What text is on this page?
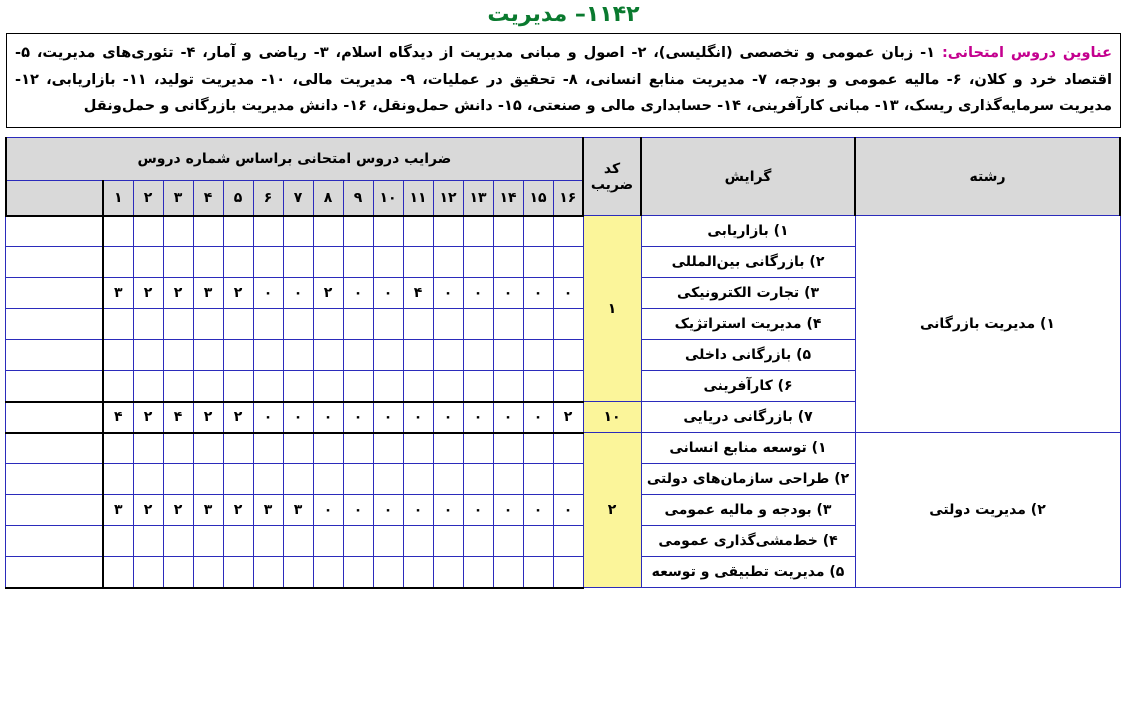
۱۱۴۲– مدیریت
عناوین دروس امتحانی: ۱- زبان عمومی و تخصصی (انگلیسی)، ۲- اصول و مبانی مدیریت از دیدگاه اسلام، ۳- ریاضی و آمار، ۴- تئوری‌های مدیریت، ۵- اقتصاد خرد و کلان، ۶- مالیه عمومی و بودجه، ۷- مدیریت منابع انسانی، ۸- تحقیق در عملیات، ۹- مدیریت مالی، ۱۰- مدیریت تولید، ۱۱- بازاریابی، ۱۲- مدیریت سرمایه‌گذاری ریسک، ۱۳- مبانی کارآفرینی، ۱۴- حسابداری مالی و صنعتی، ۱۵- دانش حمل‌ونقل، ۱۶- دانش مدیریت بازرگانی و حمل‌ونقل
رشته	گرایش	کد
ضریب	ضرایب دروس امتحانی براساس شماره دروس																
			۱۶	۱۵	۱۴	۱۳	۱۲	۱۱	۱۰	۹	۸	۷	۶	۵	۴	۳	۲	۱	
۱) مدیریت بازرگانی	۱) بازاریابی	۱																	
	۲) بازرگانی بین‌المللی																		
	۳) تجارت الکترونیکی		۰	۰	۰	۰	۰	۴	۰	۰	۲	۰	۰	۲	۳	۲	۲	۳	
	۴) مدیریت استراتژیک																		
	۵) بازرگانی داخلی																		
	۶) کارآفرینی																		
	۷) بازرگانی دریایی	۱۰	۲	۰	۰	۰	۰	۰	۰	۰	۰	۰	۰	۲	۲	۴	۲	۴	
۲) مدیریت دولتی	۱) توسعه منابع انسانی	۲																	
	۲) طراحی سازمان‌های دولتی																		
	۳) بودجه و مالیه عمومی		۰	۰	۰	۰	۰	۰	۰	۰	۰	۳	۳	۲	۳	۲	۲	۳	
	۴) خط‌مشی‌گذاری عمومی																		
	۵) مدیریت تطبیقی و توسعه																		
